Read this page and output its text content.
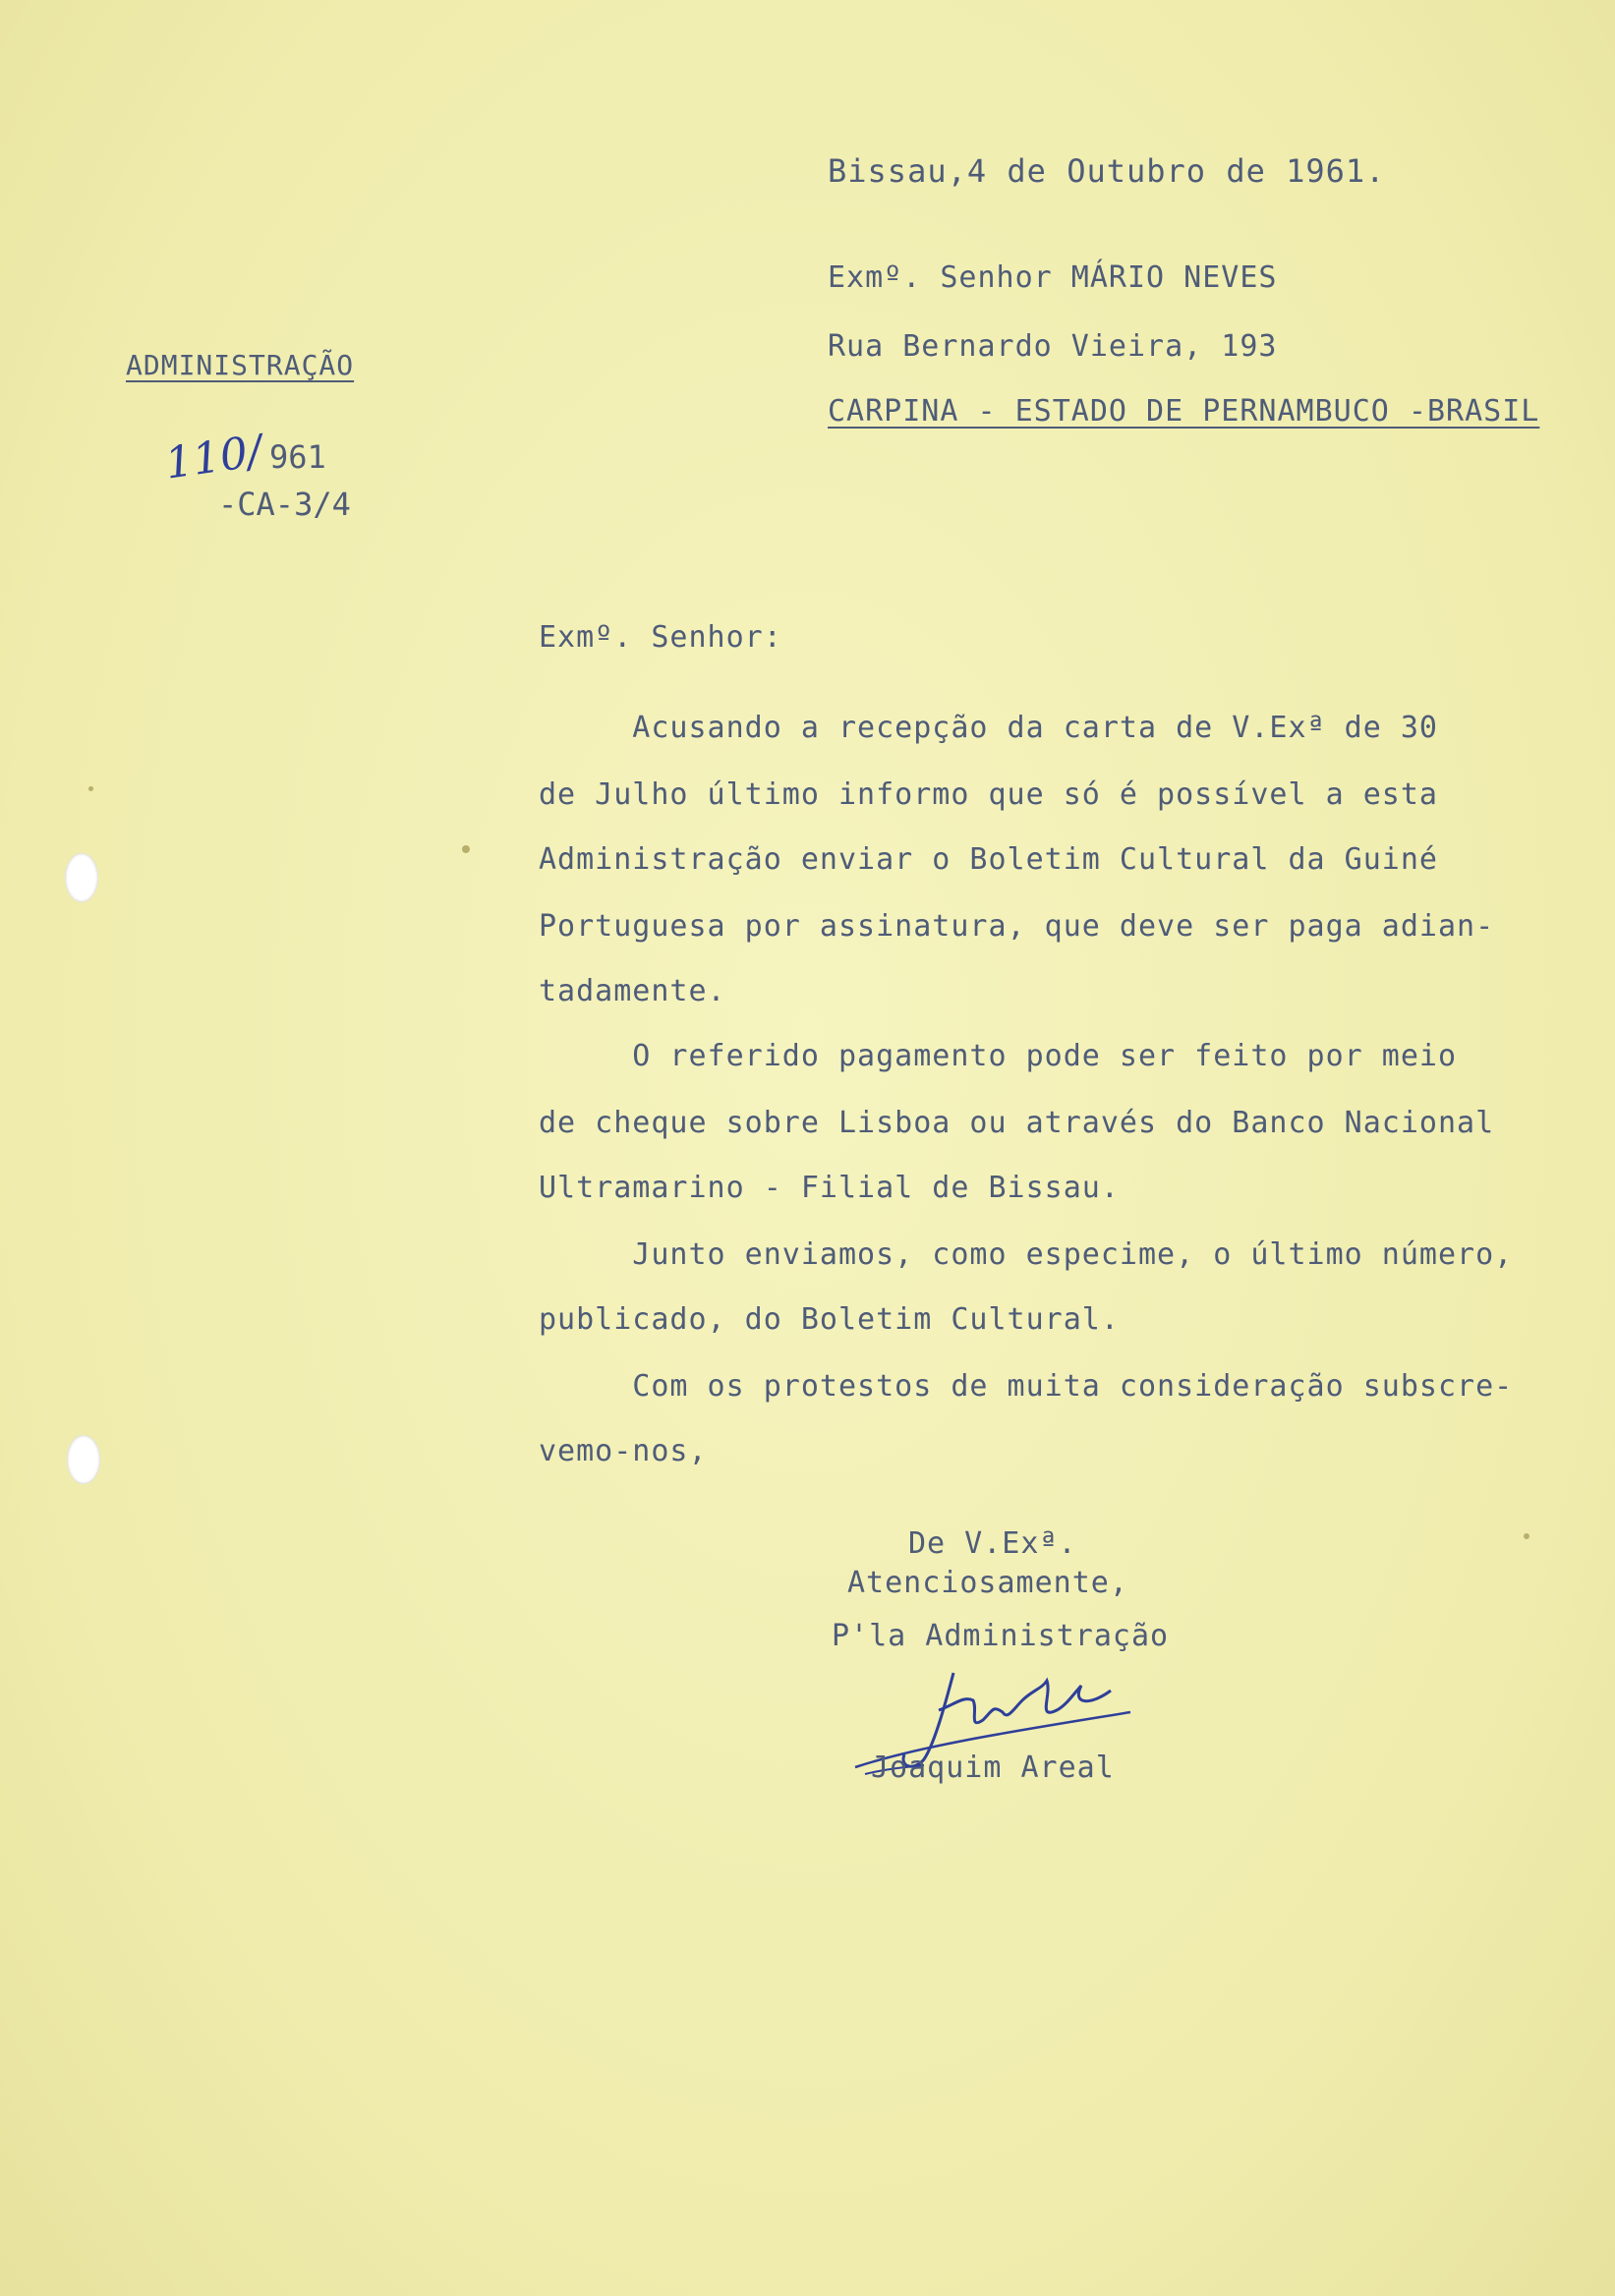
ADMINISTRAÇÃO
110/ 961
-CA-3/4
Bissau,4 de Outubro de 1961.
Exmº. Senhor MÁRIO NEVES
Rua Bernardo Vieira, 193
CARPINA - ESTADO DE PERNAMBUCO -BRASIL
Exmº. Senhor:
Acusando a recepção da carta de V.Exª de 30
de Julho último informo que só é possível a esta
Administração enviar o Boletim Cultural da Guiné
Portuguesa por assinatura, que deve ser paga adian-
tadamente.
O referido pagamento pode ser feito por meio
de cheque sobre Lisboa ou através do Banco Nacional
Ultramarino - Filial de Bissau.
Junto enviamos, como especime, o último número,
publicado, do Boletim Cultural.
Com os protestos de muita consideração subscre-
vemo-nos,
De V.Exª.
Atenciosamente,
P'la Administração
Joaquim Areal
